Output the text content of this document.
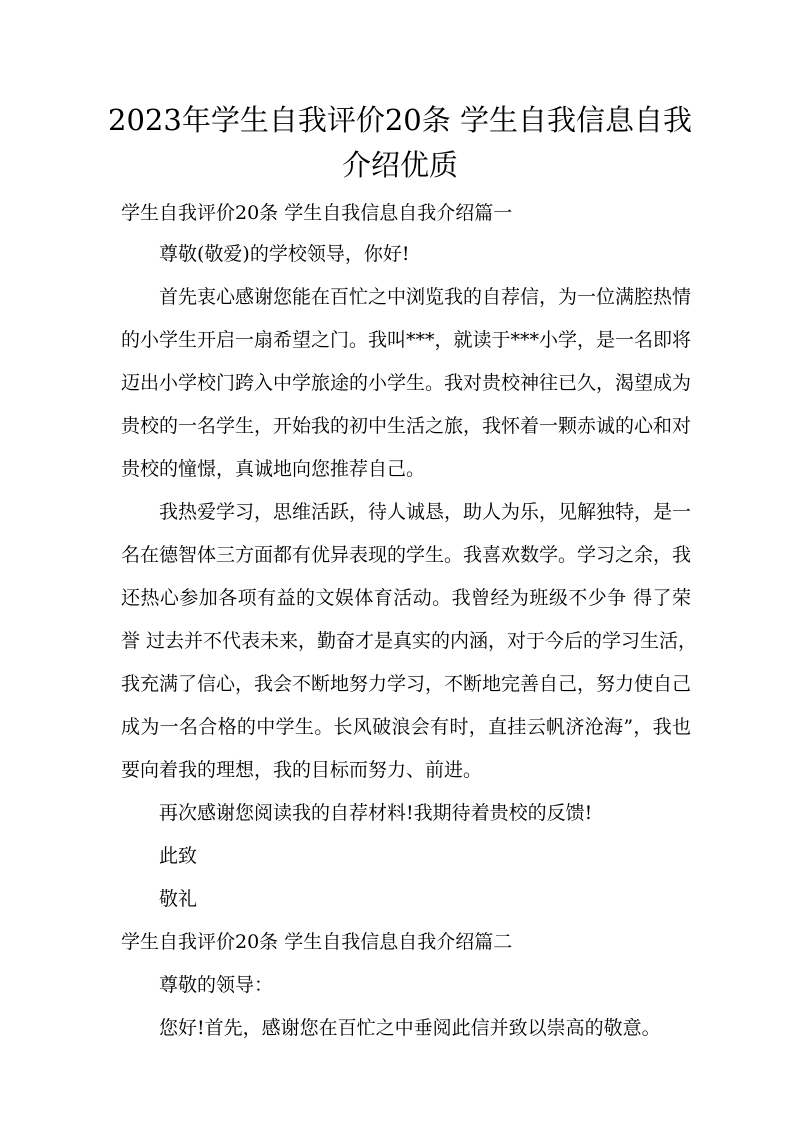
2023年学生自我评价20条 学生自我信息自我
介绍优质

学生自我评价20条 学生自我信息自我介绍篇一

尊敬(敬爱)的学校领导，你好!

首先衷心感谢您能在百忙之中浏览我的自荐信，为一位满腔热情

的小学生开启一扇希望之门。我叫***，就读于***小学，是一名即将

迈出小学校门跨入中学旅途的小学生。我对贵校神往已久，渴望成为

贵校的一名学生，开始我的初中生活之旅，我怀着一颗赤诚的心和对

贵校的憧憬，真诚地向您推荐自己。

我热爱学习，思维活跃，待人诚恳，助人为乐，见解独特，是一

名在德智体三方面都有优异表现的学生。我喜欢数学。学习之余，我

还热心参加各项有益的文娱体育活动。我曾经为班级不少争 得了荣

誉 过去并不代表未来，勤奋才是真实的内涵，对于今后的学习生活，

我充满了信心，我会不断地努力学习，不断地完善自己，努力使自己

成为一名合格的中学生。长风破浪会有时，直挂云帆济沧海”，我也

要向着我的理想，我的目标而努力、前进。

再次感谢您阅读我的自荐材料!我期待着贵校的反馈!

此致

敬礼

学生自我评价20条 学生自我信息自我介绍篇二

尊敬的领导：

您好!首先，感谢您在百忙之中垂阅此信并致以崇高的敬意。
